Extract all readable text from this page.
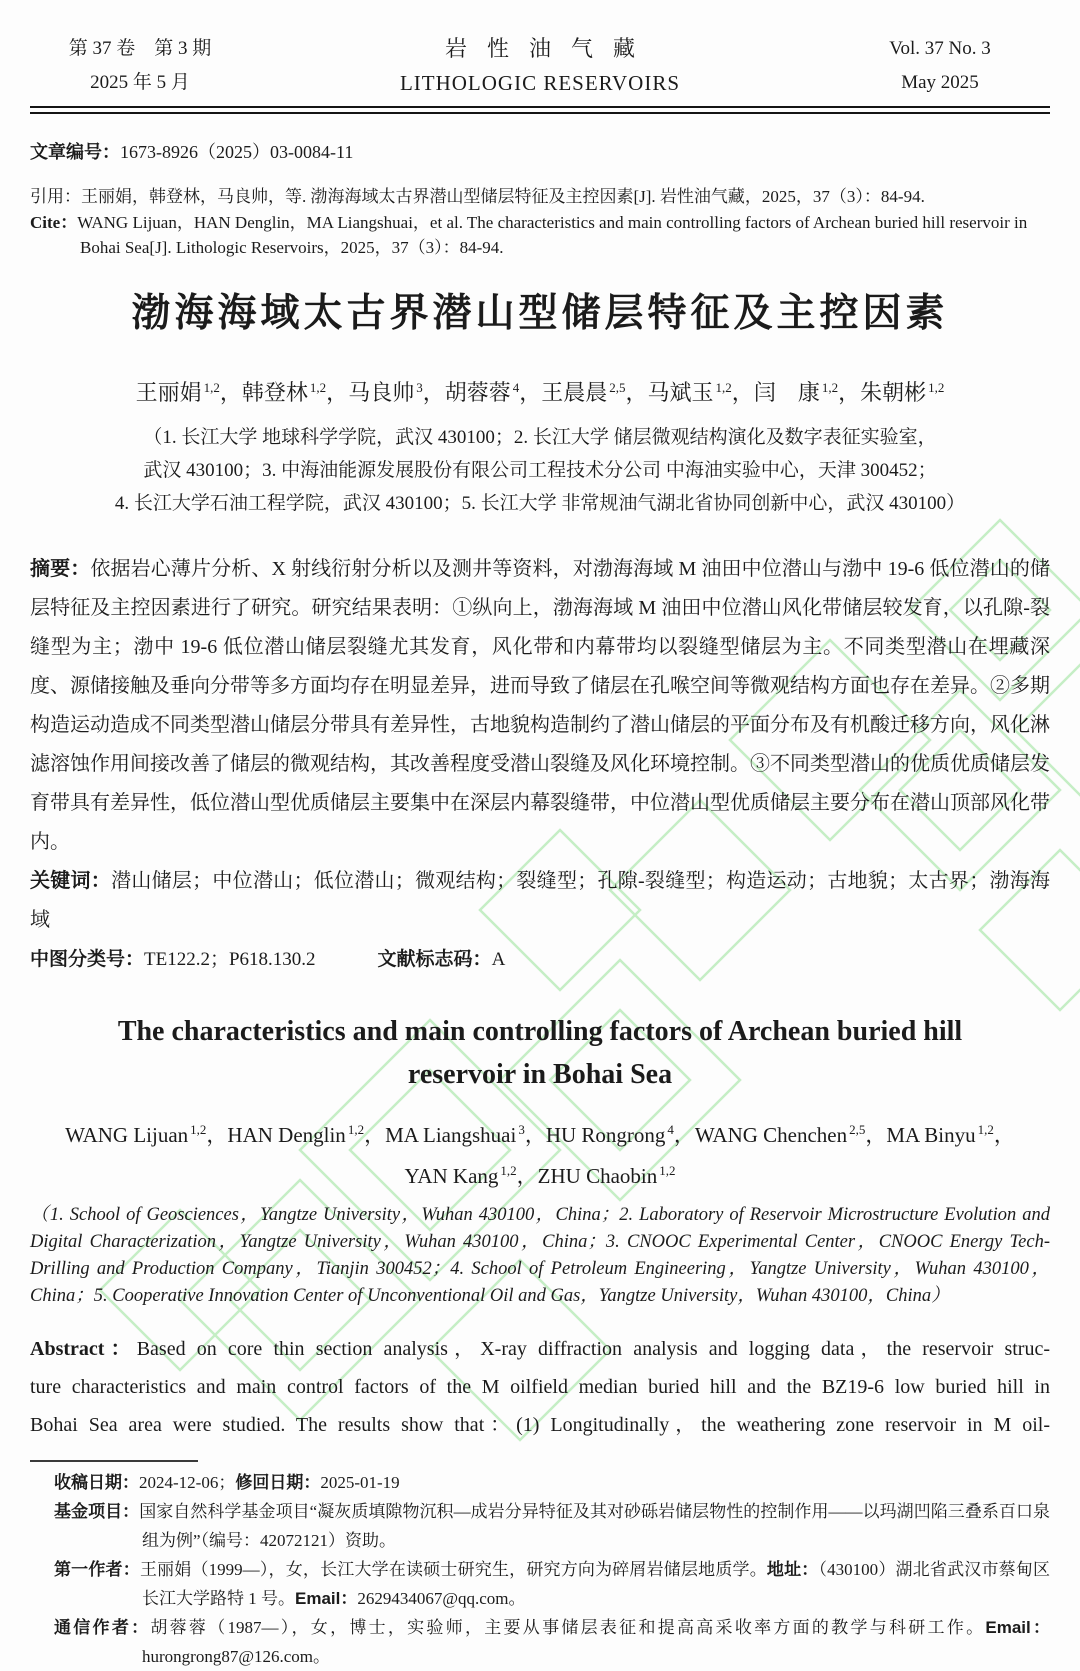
第 37 卷　第 3 期
2025 年 5 月
岩性油气藏
LITHOLOGIC RESERVOIRS
Vol. 37 No. 3
May 2025
文章编号：1673-8926（2025）03-0084-11
引用：王丽娟，韩登林，马良帅，等. 渤海海域太古界潜山型储层特征及主控因素[J]. 岩性油气藏，2025，37（3）：84-94.
Cite：WANG Lijuan，HAN Denglin，MA Liangshuai，et al. The characteristics and main controlling factors of Archean buried hill reservoir in Bohai Sea[J]. Lithologic Reservoirs，2025，37（3）：84-94.
渤海海域太古界潜山型储层特征及主控因素
王丽娟 $^{1,2}$，韩登林 $^{1,2}$，马良帅 $^3$，胡蓉蓉 $^4$，王晨晨 $^{2,5}$，马斌玉 $^{1,2}$，闫　康 $^{1,2}$，朱朝彬 $^{1,2}$
（1. 长江大学 地球科学学院，武汉 430100；2. 长江大学 储层微观结构演化及数字表征实验室，
武汉 430100；3. 中海油能源发展股份有限公司工程技术分公司 中海油实验中心，天津 300452；
4. 长江大学石油工程学院，武汉 430100；5. 长江大学 非常规油气湖北省协同创新中心，武汉 430100）
摘要：依据岩心薄片分析、X 射线衍射分析以及测井等资料，对渤海海域 M 油田中位潜山与渤中 19-6 低位潜山的储层特征及主控因素进行了研究。研究结果表明：①纵向上，渤海海域 M 油田中位潜山风化带储层较发育，以孔隙-裂缝型为主；渤中 19-6 低位潜山储层裂缝尤其发育，风化带和内幕带均以裂缝型储层为主。不同类型潜山在埋藏深度、源储接触及垂向分带等多方面均存在明显差异，进而导致了储层在孔喉空间等微观结构方面也存在差异。②多期构造运动造成不同类型潜山储层分带具有差异性，古地貌构造制约了潜山储层的平面分布及有机酸迁移方向，风化淋滤溶蚀作用间接改善了储层的微观结构，其改善程度受潜山裂缝及风化环境控制。③不同类型潜山的优质优质储层发育带具有差异性，低位潜山型优质储层主要集中在深层内幕裂缝带，中位潜山型优质储层主要分布在潜山顶部风化带内。
关键词：潜山储层；中位潜山；低位潜山；微观结构；裂缝型；孔隙-裂缝型；构造运动；古地貌；太古界；渤海海域
中图分类号：TE122.2；P618.130.2	文献标志码：A
The characteristics and main controlling factors of Archean buried hill
reservoir in Bohai Sea
WANG Lijuan $^{1,2}$，HAN Denglin $^{1,2}$，MA Liangshuai $^3$，HU Rongrong $^4$，WANG Chenchen $^{2,5}$，MA Binyu $^{1,2}$，
YAN Kang $^{1,2}$，ZHU Chaobin $^{1,2}$
（1. School of Geosciences，Yangtze University，Wuhan 430100，China；2. Laboratory of Reservoir Microstructure Evolution and Digital Characterization，Yangtze University，Wuhan 430100，China；3. CNOOC Experimental Center，CNOOC Energy Tech-Drilling and Production Company，Tianjin 300452；4. School of Petroleum Engineering，Yangtze University，Wuhan 430100，China；5. Cooperative Innovation Center of Unconventional Oil and Gas，Yangtze University，Wuhan 430100，China）
Abstract：Based on core thin section analysis，X-ray diffraction analysis and logging data，the reservoir struc-
ture characteristics and main control factors of the M oilfield median buried hill and the BZ19-6 low buried hill in
Bohai Sea area were studied. The results show that：(1) Longitudinally，the weathering zone reservoir in M oil-
收稿日期：2024-12-06；修回日期：2025-01-19
基金项目：国家自然科学基金项目“凝灰质填隙物沉积—成岩分异特征及其对砂砾岩储层物性的控制作用——以玛湖凹陷三叠系百口泉组为例”（编号：42072121）资助。
第一作者：王丽娟（1999—），女，长江大学在读硕士研究生，研究方向为碎屑岩储层地质学。地址：（430100）湖北省武汉市蔡甸区长江大学路特 1 号。Email：2629434067@qq.com。
通信作者：胡蓉蓉（1987—），女，博士，实验师，主要从事储层表征和提高高采收率方面的教学与科研工作。Email：hurongrong87@126.com。
